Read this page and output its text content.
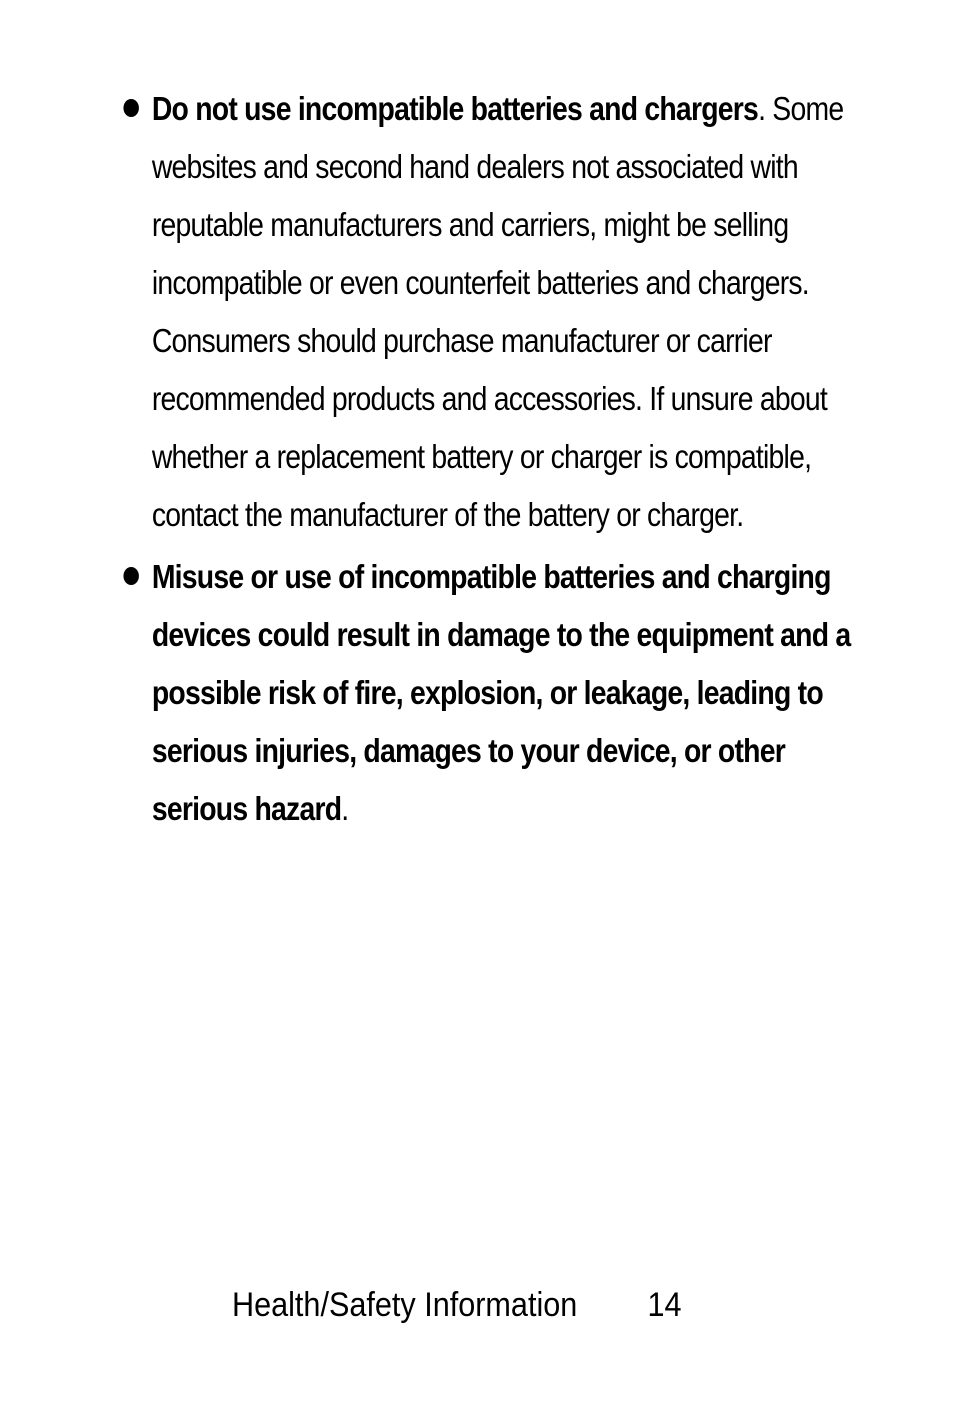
Do not use incompatible batteries and chargers. Some websites and second hand dealers not associated with reputable manufacturers and carriers, might be selling incompatible or even counterfeit batteries and chargers. Consumers should purchase manufacturer or carrier recommended products and accessories. If unsure about whether a replacement battery or charger is compatible, contact the manufacturer of the battery or charger.
Misuse or use of incompatible batteries and charging devices could result in damage to the equipment and a possible risk of fire, explosion, or leakage, leading to serious injuries, damages to your device, or other serious hazard.
Health/Safety Information 14
